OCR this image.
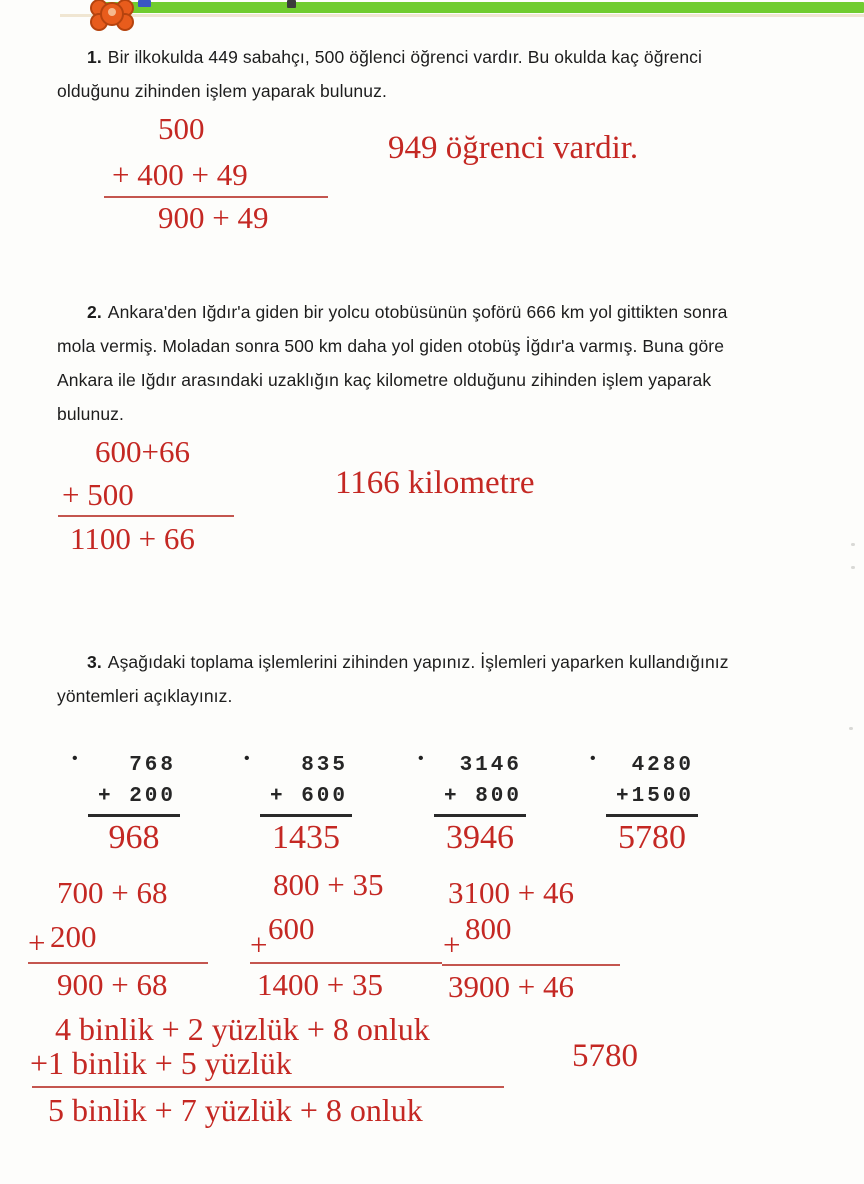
1. Bir ilkokulda 449 sabahçı, 500 öğlenci öğrenci vardır. Bu okulda kaç öğrenci
olduğunu zihinden işlem yaparak bulunuz.
500
+ 400 + 49
900 + 49
949 öğrenci vardir.
2. Ankara'den Iğdır'a giden bir yolcu otobüsünün şoförü 666 km yol gittikten sonra
mola vermiş. Moladan sonra 500 km daha yol giden otobüş İğdır'a varmış. Buna göre
Ankara ile Iğdır arasındaki uzaklığın kaç kilometre olduğunu zihinden işlem yaparak
bulunuz.
600+66
+ 500
1100 + 66
1166 kilometre
3. Aşağıdaki toplama işlemlerini zihinden yapınız. İşlemleri yaparken kullandığınız
yöntemleri açıklayınız.
•	768
+ 200
968
•	835
+ 600
1435
•	3146
+ 800
3946
•	4280
+1500
5780
700 + 68
+ 200
900 + 68
800 + 35
+ 600
1400 + 35
3100 + 46
+ 800
3900 + 46
4 binlik + 2 yüzlük + 8 onluk
+1 binlik + 5 yüzlük
5 binlik + 7 yüzlük + 8 onluk
5780
